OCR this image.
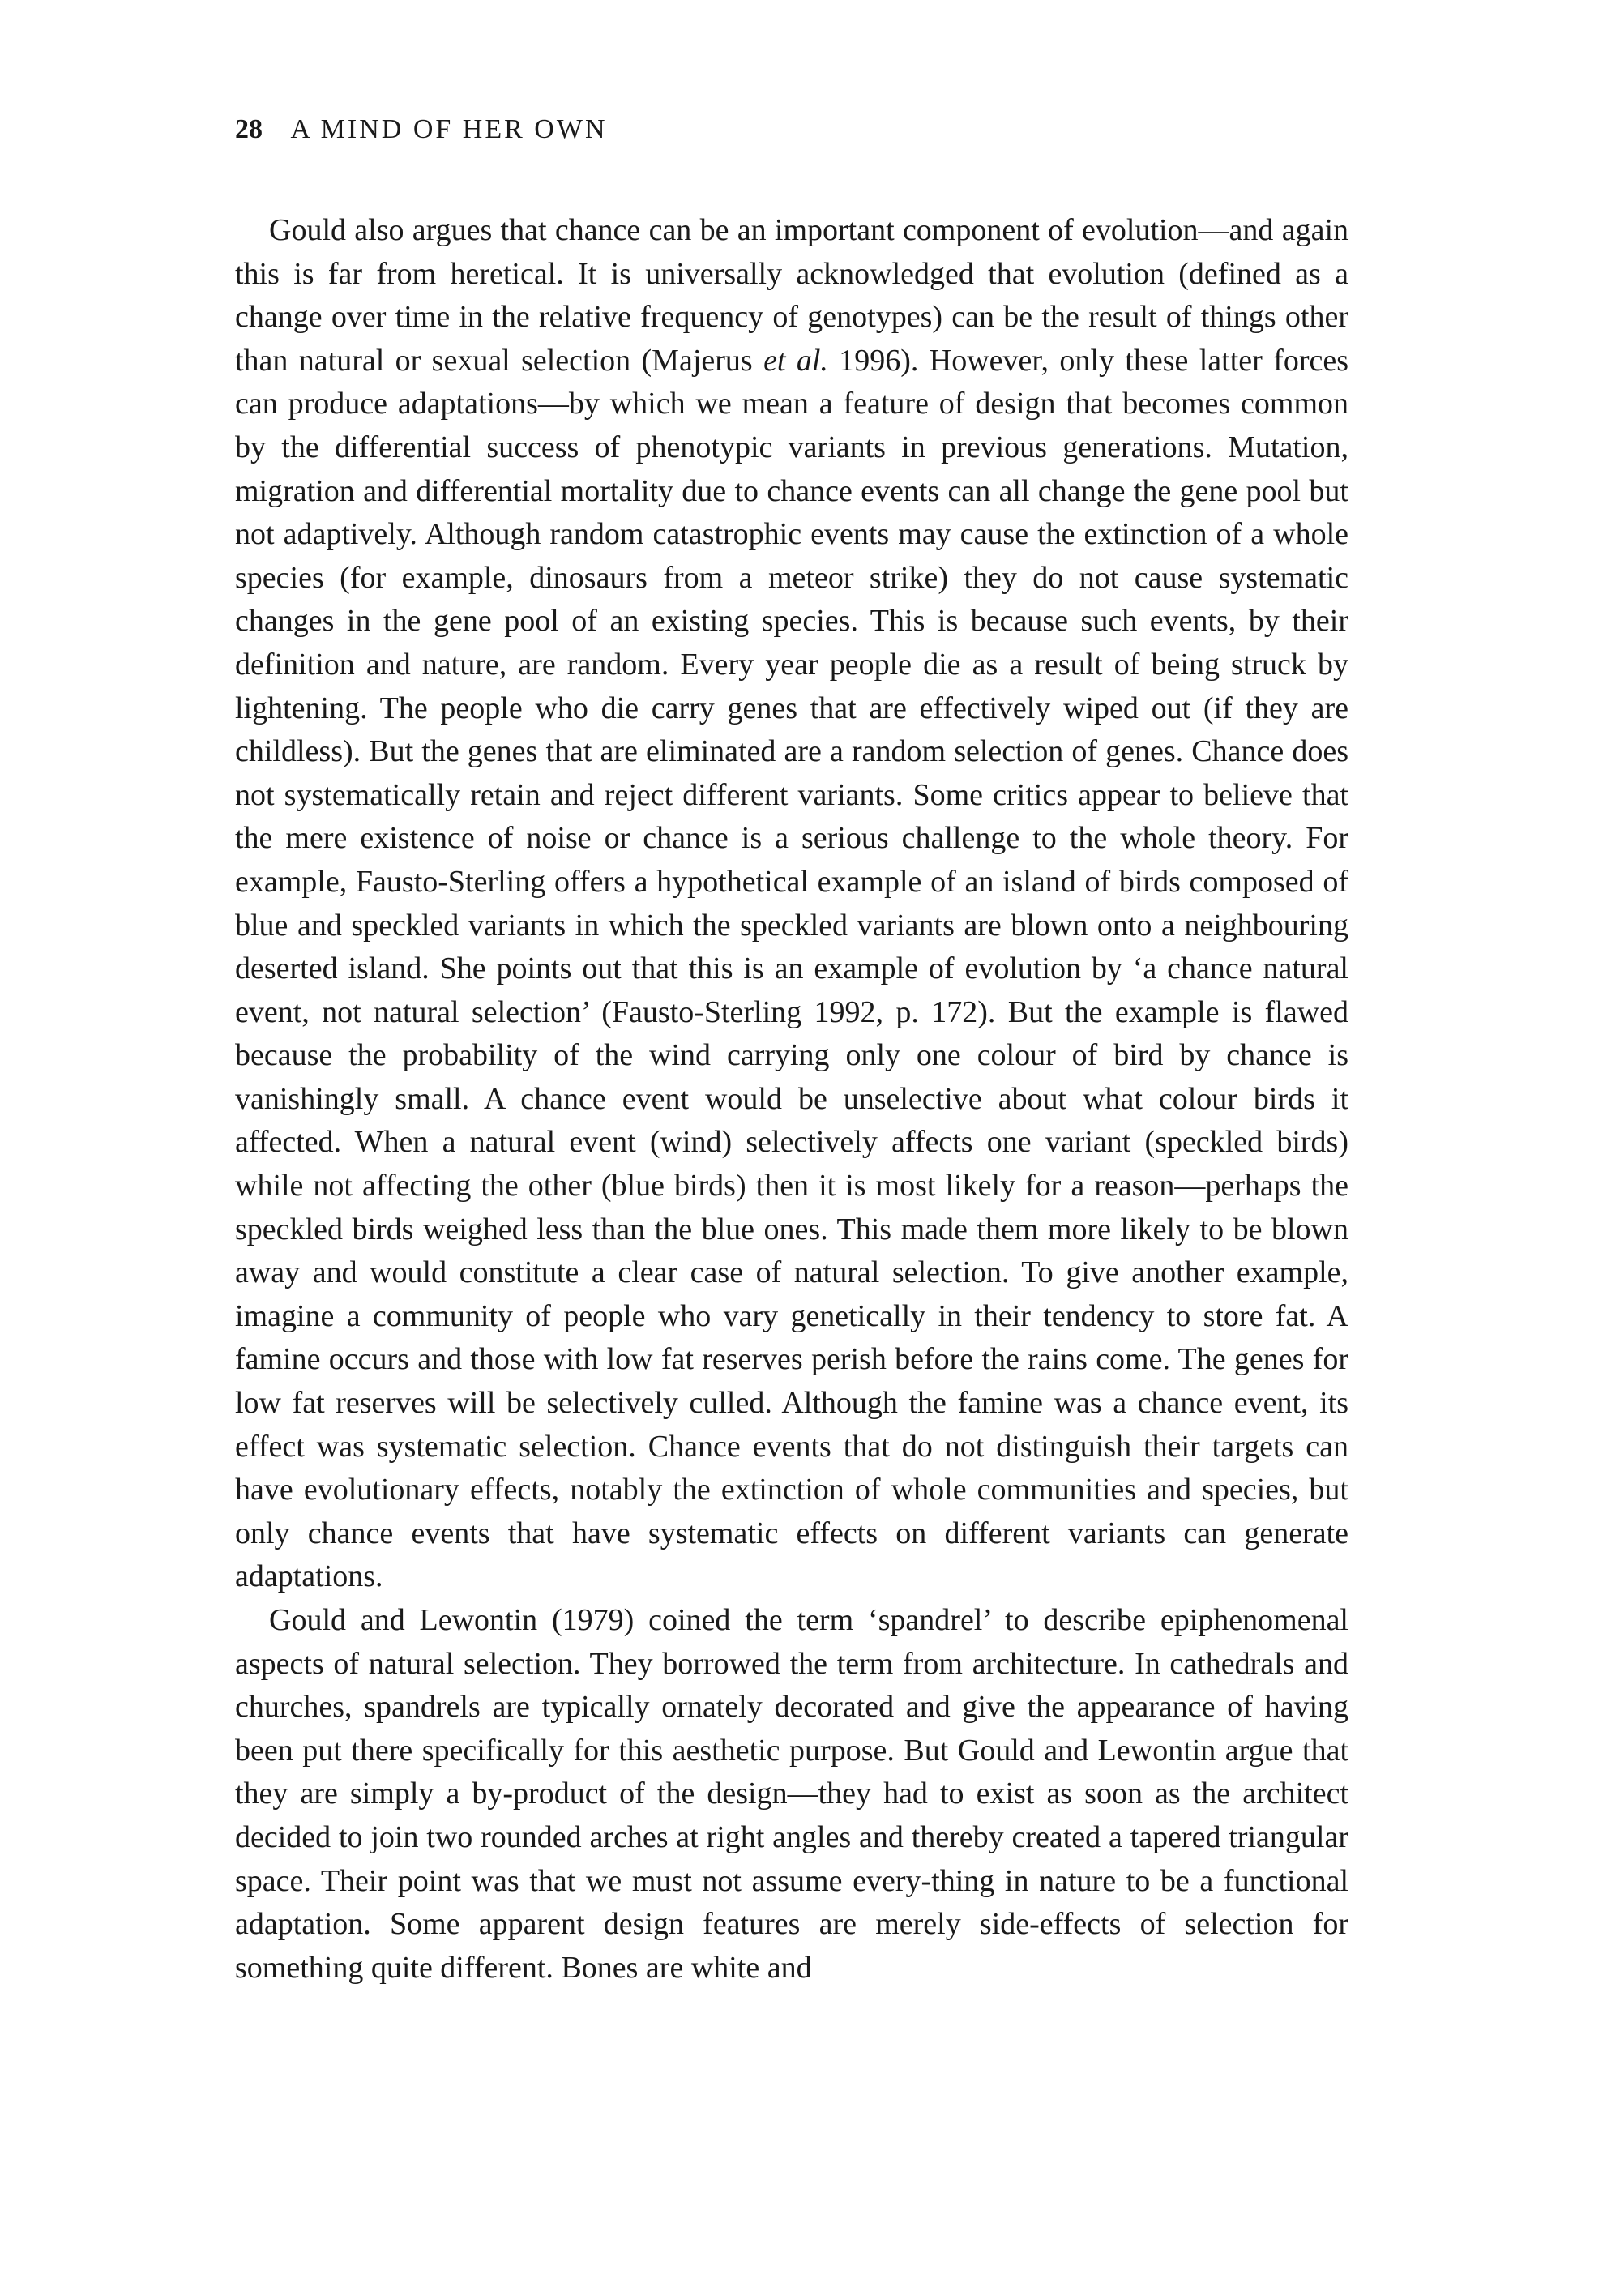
28 A MIND OF HER OWN

Gould also argues that chance can be an important component of evolution—and again this is far from heretical. It is universally acknowledged that evolution (defined as a change over time in the relative frequency of genotypes) can be the result of things other than natural or sexual selection (Majerus et al. 1996). However, only these latter forces can produce adaptations—by which we mean a feature of design that becomes common by the differential success of phenotypic variants in previous generations. Mutation, migration and differential mortality due to chance events can all change the gene pool but not adaptively. Although random catastrophic events may cause the extinction of a whole species (for example, dinosaurs from a meteor strike) they do not cause systematic changes in the gene pool of an existing species. This is because such events, by their definition and nature, are random. Every year people die as a result of being struck by lightening. The people who die carry genes that are effectively wiped out (if they are childless). But the genes that are eliminated are a random selection of genes. Chance does not systematically retain and reject different variants. Some critics appear to believe that the mere existence of noise or chance is a serious challenge to the whole theory. For example, Fausto-Sterling offers a hypothetical example of an island of birds composed of blue and speckled variants in which the speckled variants are blown onto a neighbouring deserted island. She points out that this is an example of evolution by ‘a chance natural event, not natural selection’ (Fausto-Sterling 1992, p. 172). But the example is flawed because the probability of the wind carrying only one colour of bird by chance is vanishingly small. A chance event would be unselective about what colour birds it affected. When a natural event (wind) selectively affects one variant (speckled birds) while not affecting the other (blue birds) then it is most likely for a reason—perhaps the speckled birds weighed less than the blue ones. This made them more likely to be blown away and would constitute a clear case of natural selection. To give another example, imagine a community of people who vary genetically in their tendency to store fat. A famine occurs and those with low fat reserves perish before the rains come. The genes for low fat reserves will be selectively culled. Although the famine was a chance event, its effect was systematic selection. Chance events that do not distinguish their targets can have evolutionary effects, notably the extinction of whole communities and species, but only chance events that have systematic effects on different variants can generate adaptations.

Gould and Lewontin (1979) coined the term ‘spandrel’ to describe epiphenomenal aspects of natural selection. They borrowed the term from architecture. In cathedrals and churches, spandrels are typically ornately decorated and give the appearance of having been put there specifically for this aesthetic purpose. But Gould and Lewontin argue that they are simply a by-product of the design—they had to exist as soon as the architect decided to join two rounded arches at right angles and thereby created a tapered triangular space. Their point was that we must not assume every-thing in nature to be a functional adaptation. Some apparent design features are merely side-effects of selection for something quite different. Bones are white and
